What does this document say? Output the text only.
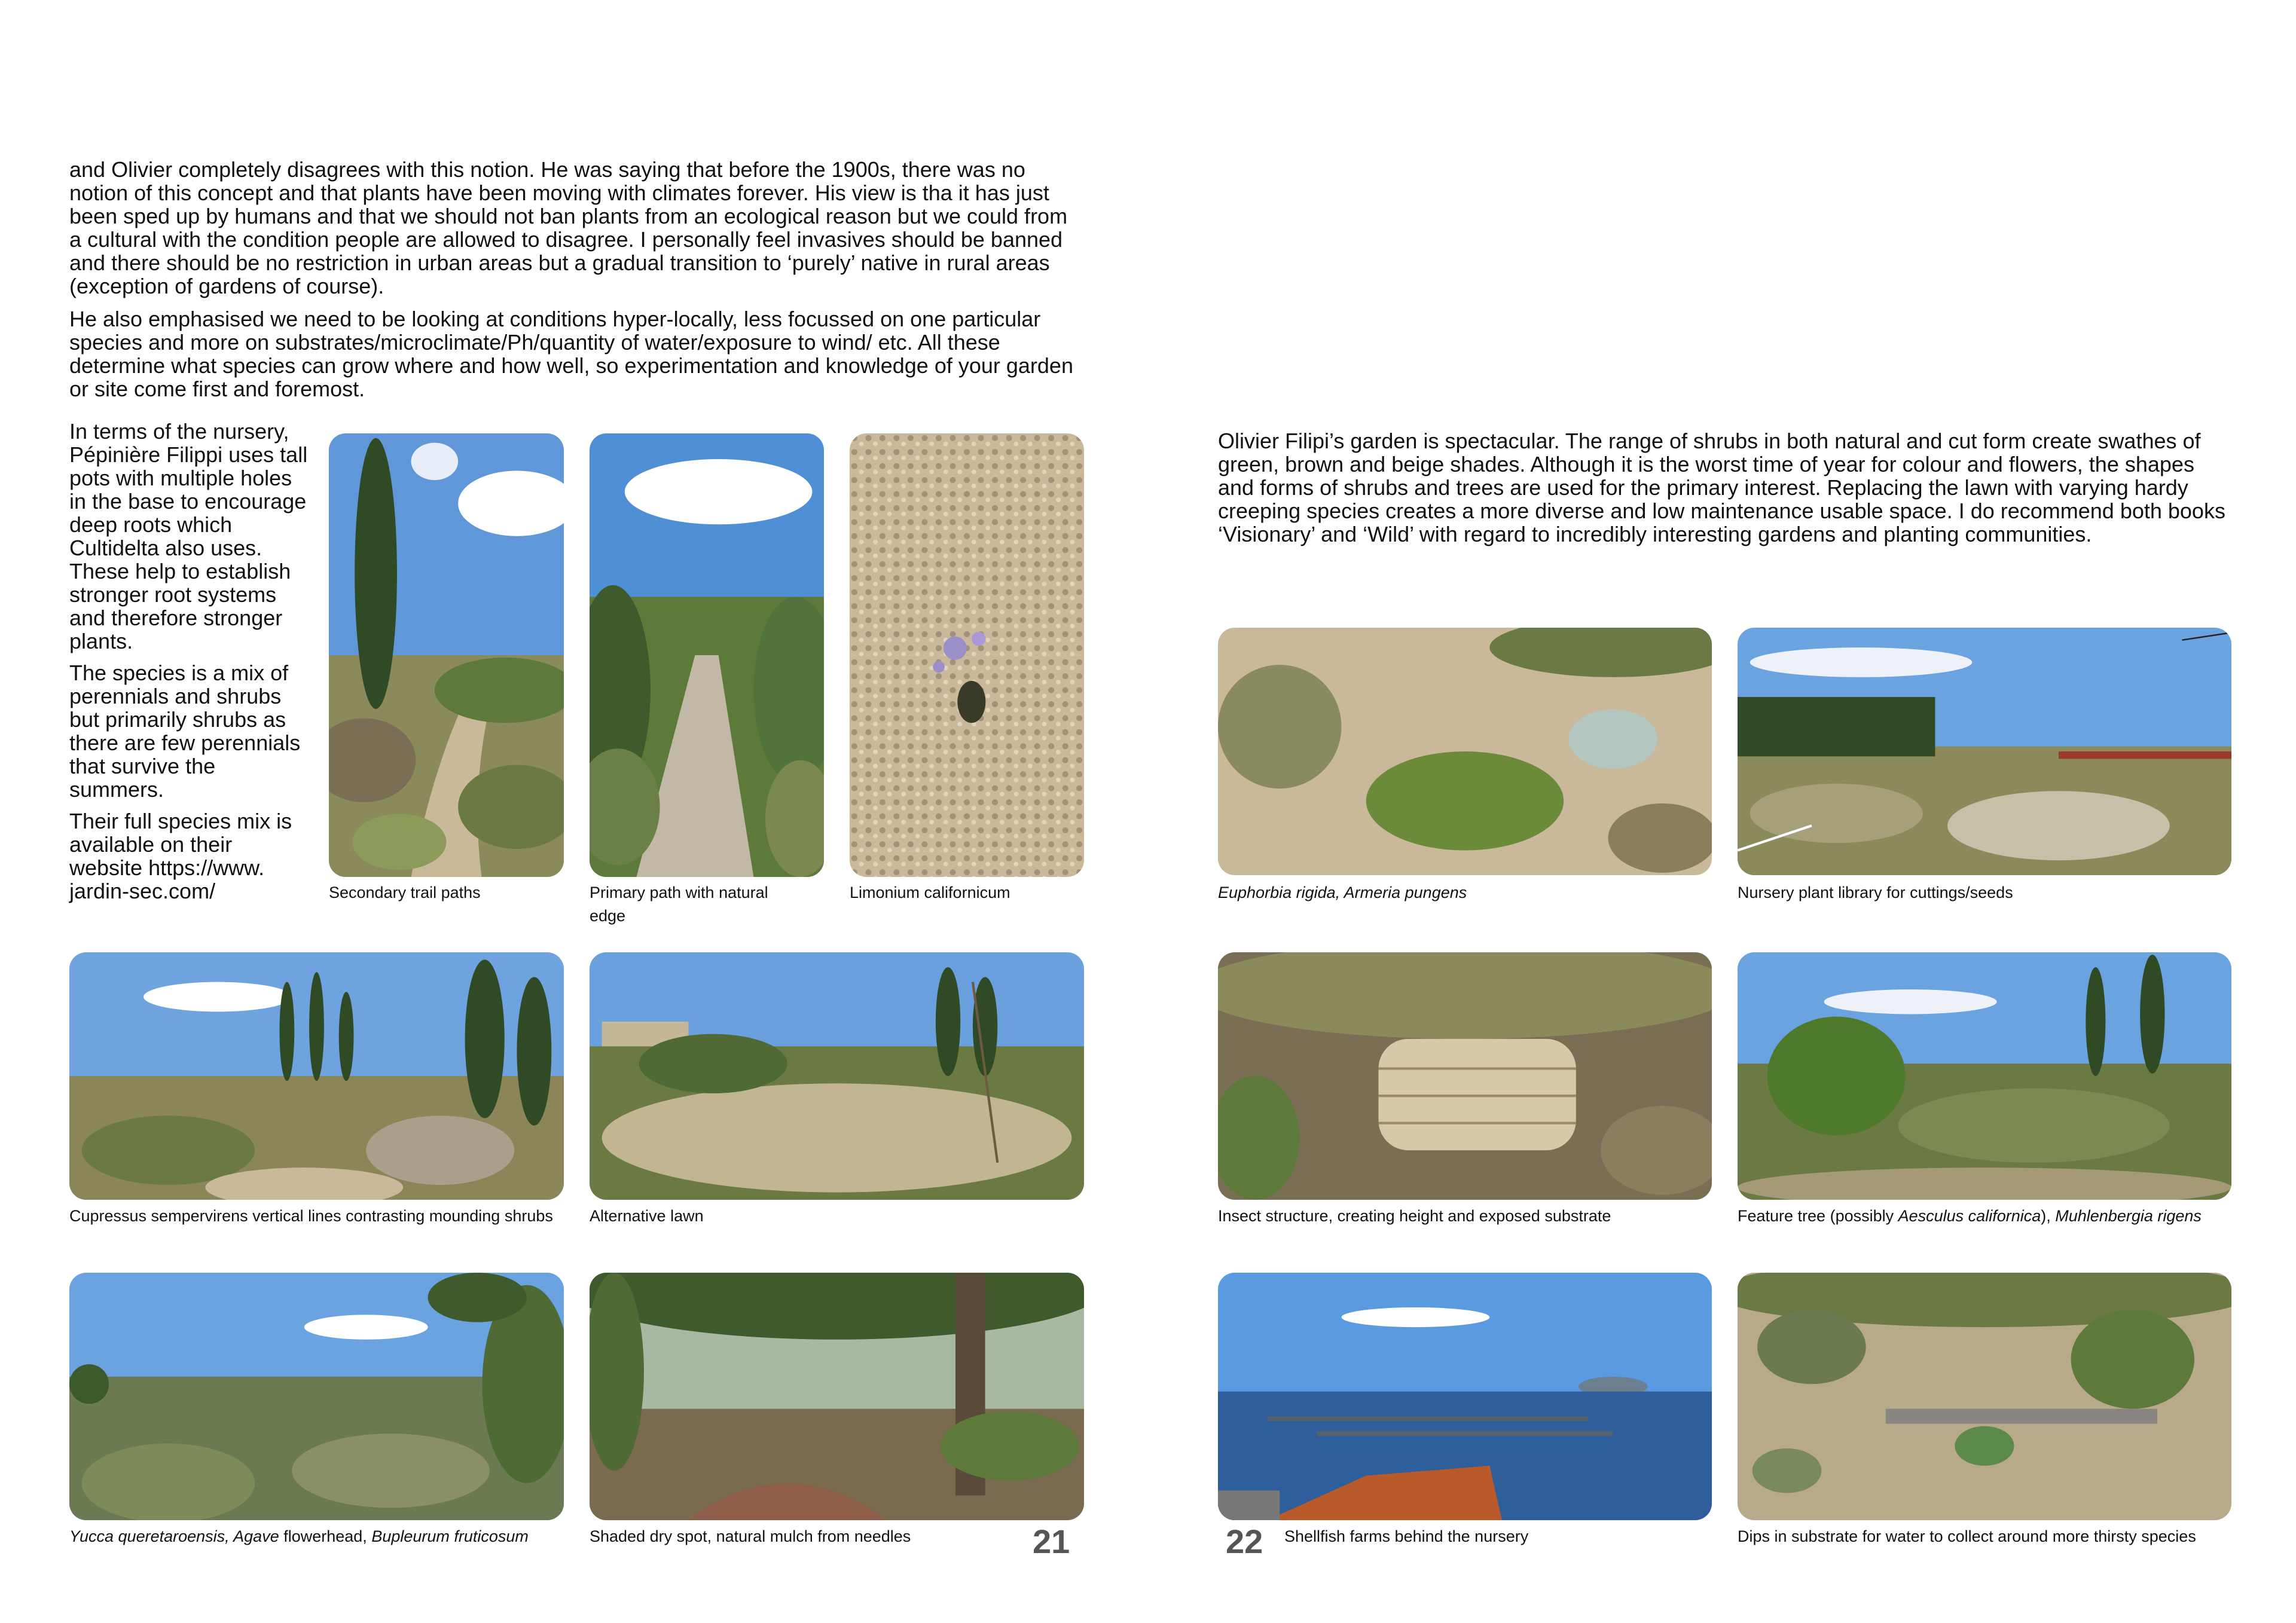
and Olivier completely disagrees with this notion. He was saying that before the 1900s, there was no notion of this concept and that plants have been moving with climates forever. His view is tha it has just been sped up by humans and that we should not ban plants from an ecological reason but we could from a cultural with the condition people are allowed to disagree. I personally feel invasives should be banned and there should be no restriction in urban areas but a gradual transition to ‘purely’ native in rural areas (exception of gardens of course).

He also emphasised we need to be looking at conditions hyper-locally, less focussed on one particular species and more on substrates/microclimate/Ph/quantity of water/exposure to wind/ etc. All these determine what species can grow where and how well, so experimentation and knowledge of your garden or site come first and foremost.

In terms of the nursery, Pépinière Filippi uses tall pots with multiple holes in the base to encourage deep roots which Cultidelta also uses. These help to establish stronger root systems and therefore stronger plants.

The species is a mix of perennials and shrubs but primarily shrubs as there are few perennials that survive the summers.

Their full species mix is available on their website https://www. jardin-sec.com/	Secondary trail paths	Primary path with natural edge
Limonium californicum
Cupressus sempervirens vertical lines contrasting mounding shrubs	Alternative lawn
Yucca queretaroensis, Agave flowerhead, Bupleurum fruticosum	Shaded dry spot, natural mulch from needles	21

Olivier Filipi’s garden is spectacular. The range of shrubs in both natural and cut form create swathes of green, brown and beige shades. Although it is the worst time of year for colour and flowers, the shapes and forms of shrubs and trees are used for the primary interest. Replacing the lawn with varying hardy creeping species creates a more diverse and low maintenance usable space. I do recommend both books ‘Visionary’ and ‘Wild’ with regard to incredibly interesting gardens and planting communities.

Euphorbia rigida, Armeria pungens	Nursery plant library for cuttings/seeds
Insect structure, creating height and exposed substrate	Feature tree (possibly Aesculus californica), Muhlenbergia rigens
Shellfish farms behind the nursery	Dips in substrate for water to collect around more thirsty species
22
